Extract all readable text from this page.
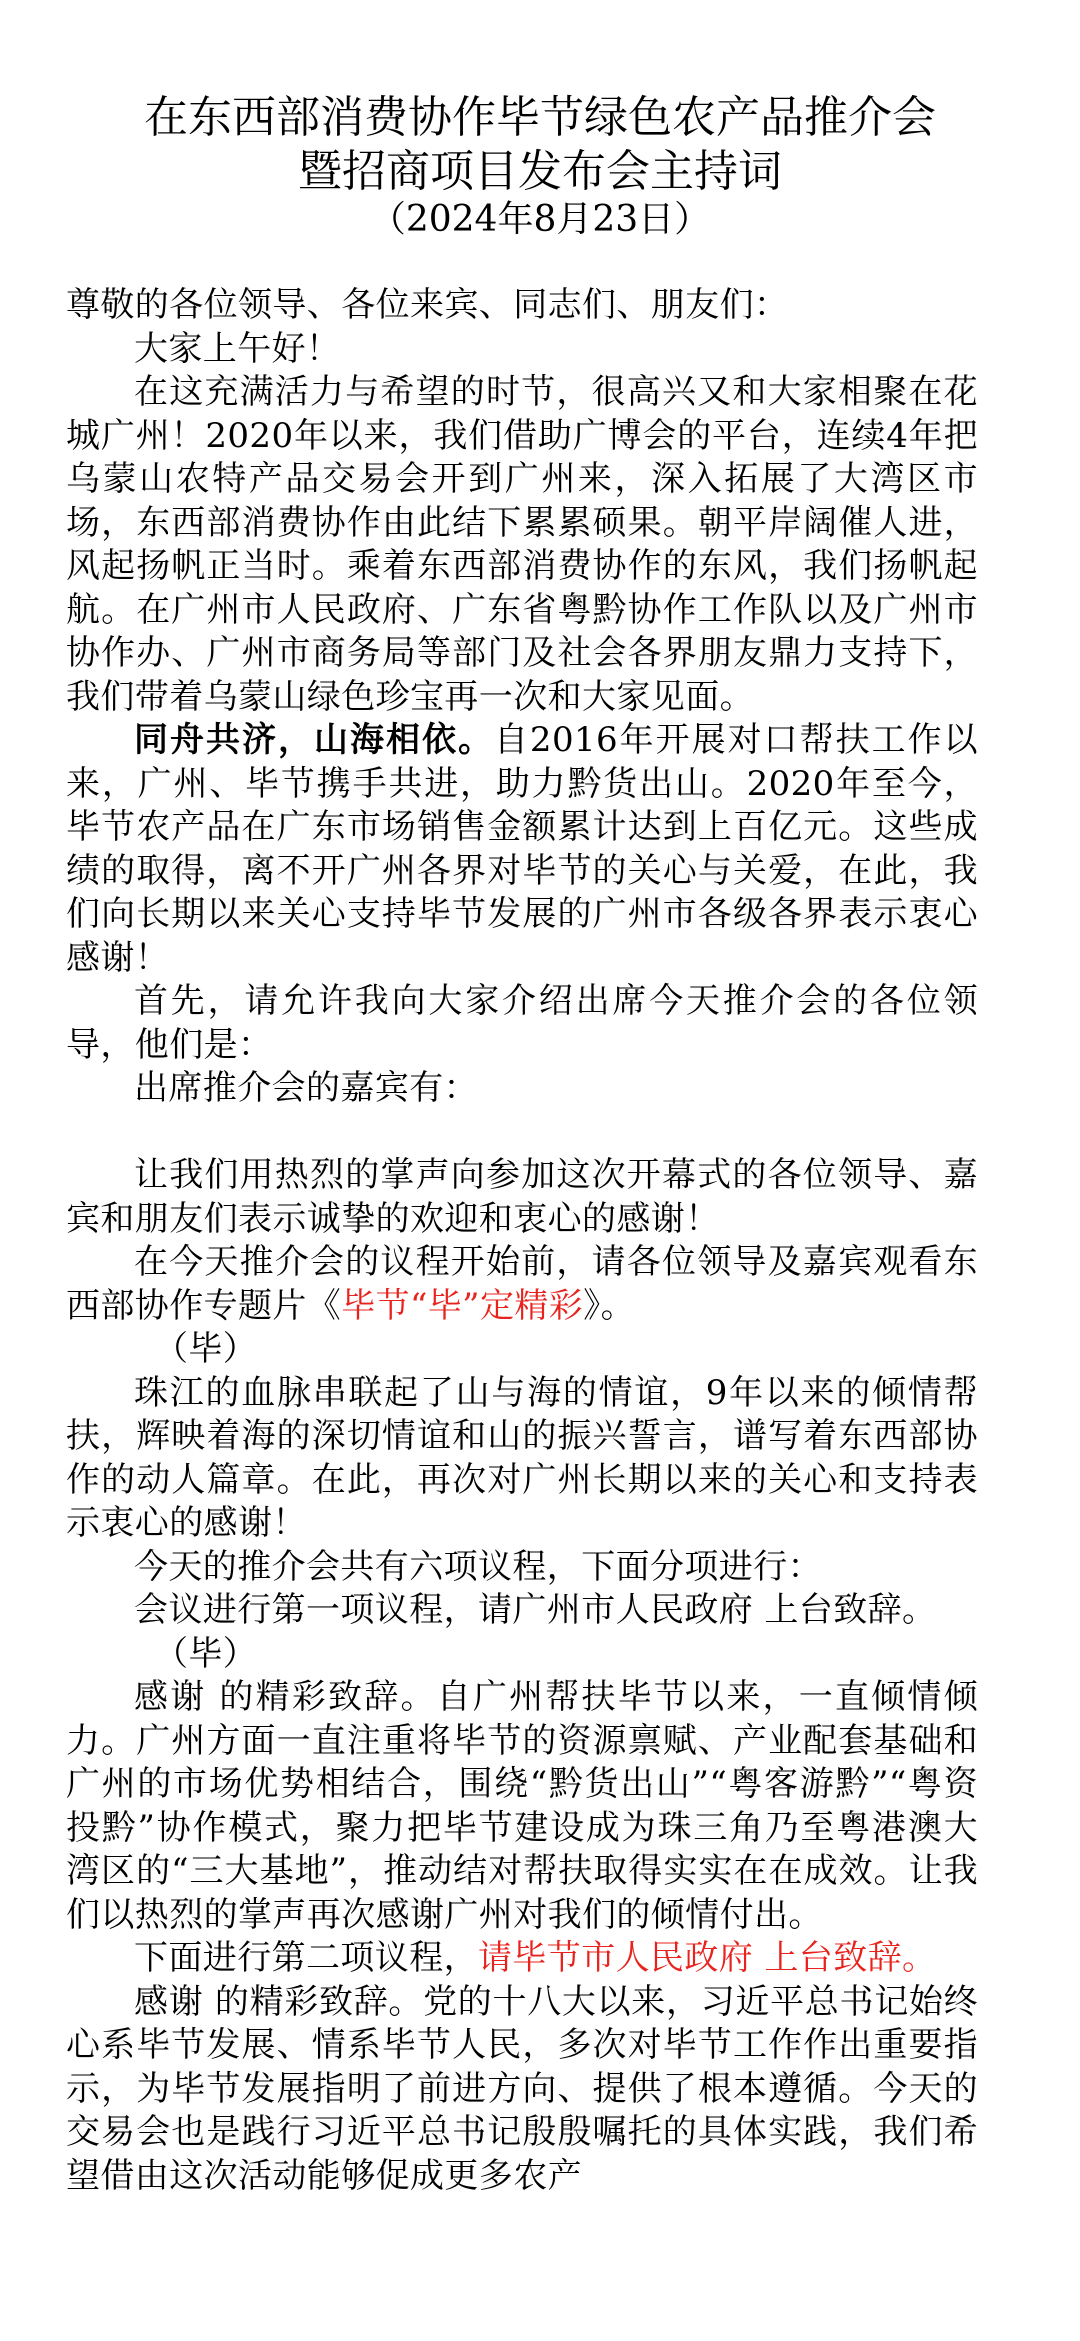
在东西部消费协作毕节绿色农产品推介会
暨招商项目发布会主持词
（2024年8月23日）

尊敬的各位领导、各位来宾、同志们、朋友们：

大家上午好！

在这充满活力与希望的时节，很高兴又和大家相聚在花城广州！2020年以来，我们借助广博会的平台，连续4年把乌蒙山农特产品交易会开到广州来，深入拓展了大湾区市场，东西部消费协作由此结下累累硕果。朝平岸阔催人进，风起扬帆正当时。乘着东西部消费协作的东风，我们扬帆起航。在广州市人民政府、广东省粤黔协作工作队以及广州市协作办、广州市商务局等部门及社会各界朋友鼎力支持下，我们带着乌蒙山绿色珍宝再一次和大家见面。

同舟共济，山海相依。自2016年开展对口帮扶工作以来，广州、毕节携手共进，助力黔货出山。2020年至今，毕节农产品在广东市场销售金额累计达到上百亿元。这些成绩的取得，离不开广州各界对毕节的关心与关爱，在此，我们向长期以来关心支持毕节发展的广州市各级各界表示衷心感谢！

首先，请允许我向大家介绍出席今天推介会的各位领导，他们是：

出席推介会的嘉宾有：

让我们用热烈的掌声向参加这次开幕式的各位领导、嘉宾和朋友们表示诚挚的欢迎和衷心的感谢！

在今天推介会的议程开始前，请各位领导及嘉宾观看东西部协作专题片《毕节“毕”定精彩》。

（毕）

珠江的血脉串联起了山与海的情谊，9年以来的倾情帮扶，辉映着海的深切情谊和山的振兴誓言，谱写着东西部协作的动人篇章。在此，再次对广州长期以来的关心和支持表示衷心的感谢！

今天的推介会共有六项议程，下面分项进行：

会议进行第一项议程，请广州市人民政府 上台致辞。

（毕）

感谢 的精彩致辞。自广州帮扶毕节以来，一直倾情倾力。广州方面一直注重将毕节的资源禀赋、产业配套基础和广州的市场优势相结合，围绕“黔货出山”“粤客游黔”“粤资投黔”协作模式，聚力把毕节建设成为珠三角乃至粤港澳大湾区的“三大基地”，推动结对帮扶取得实实在在成效。让我们以热烈的掌声再次感谢广州对我们的倾情付出。

下面进行第二项议程，请毕节市人民政府 上台致辞。

感谢 的精彩致辞。党的十八大以来，习近平总书记始终心系毕节发展、情系毕节人民，多次对毕节工作作出重要指示，为毕节发展指明了前进方向、提供了根本遵循。今天的交易会也是践行习近平总书记殷殷嘱托的具体实践，我们希望借由这次活动能够促成更多农产
